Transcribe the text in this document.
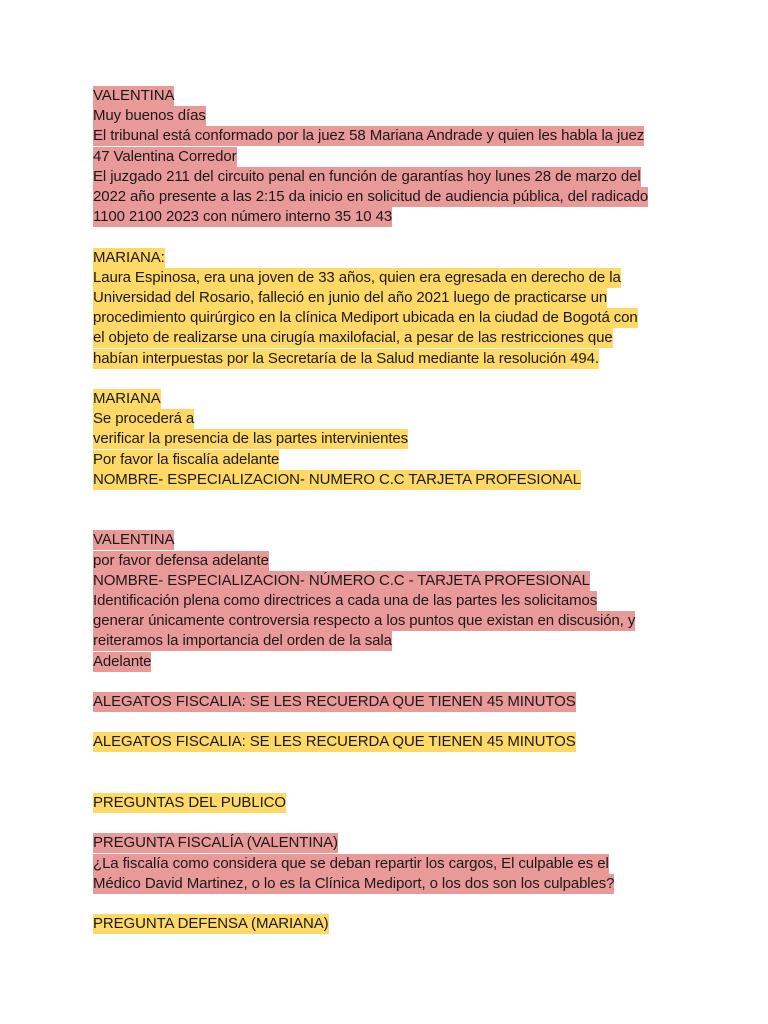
VALENTINA
Muy buenos días
El tribunal está conformado por la juez 58 Mariana Andrade y quien les habla la juez
47 Valentina Corredor
El juzgado 211 del circuito penal en función de garantías hoy lunes 28 de marzo del
2022 año presente a las 2:15 da inicio en solicitud de audiencia pública, del radicado
1100 2100 2023 con número interno 35 10 43
MARIANA:
Laura Espinosa, era una joven de 33 años, quien era egresada en derecho de la
Universidad del Rosario, falleció en junio del año 2021 luego de practicarse un
procedimiento quirúrgico en la clínica Mediport ubicada en la ciudad de Bogotá con
el objeto de realizarse una cirugía maxilofacial, a pesar de las restricciones que
habían interpuestas por la Secretaría de la Salud mediante la resolución 494.
MARIANA
Se procederá a
verificar la presencia de las partes intervinientes
Por favor la fiscalía adelante
NOMBRE- ESPECIALIZACION- NUMERO C.C TARJETA PROFESIONAL
VALENTINA
por favor defensa adelante
NOMBRE- ESPECIALIZACION- NÚMERO C.C - TARJETA PROFESIONAL
Identificación plena como directrices a cada una de las partes les solicitamos
generar únicamente controversia respecto a los puntos que existan en discusión, y
reiteramos la importancia del orden de la sala
Adelante
ALEGATOS FISCALIA: SE LES RECUERDA QUE TIENEN 45 MINUTOS
ALEGATOS FISCALIA: SE LES RECUERDA QUE TIENEN 45 MINUTOS
PREGUNTAS DEL PUBLICO
PREGUNTA FISCALÍA (VALENTINA)
¿La fiscalía como considera que se deban repartir los cargos, El culpable es el
Médico David Martinez, o lo es la Clínica Mediport, o los dos son los culpables?
PREGUNTA DEFENSA (MARIANA)
